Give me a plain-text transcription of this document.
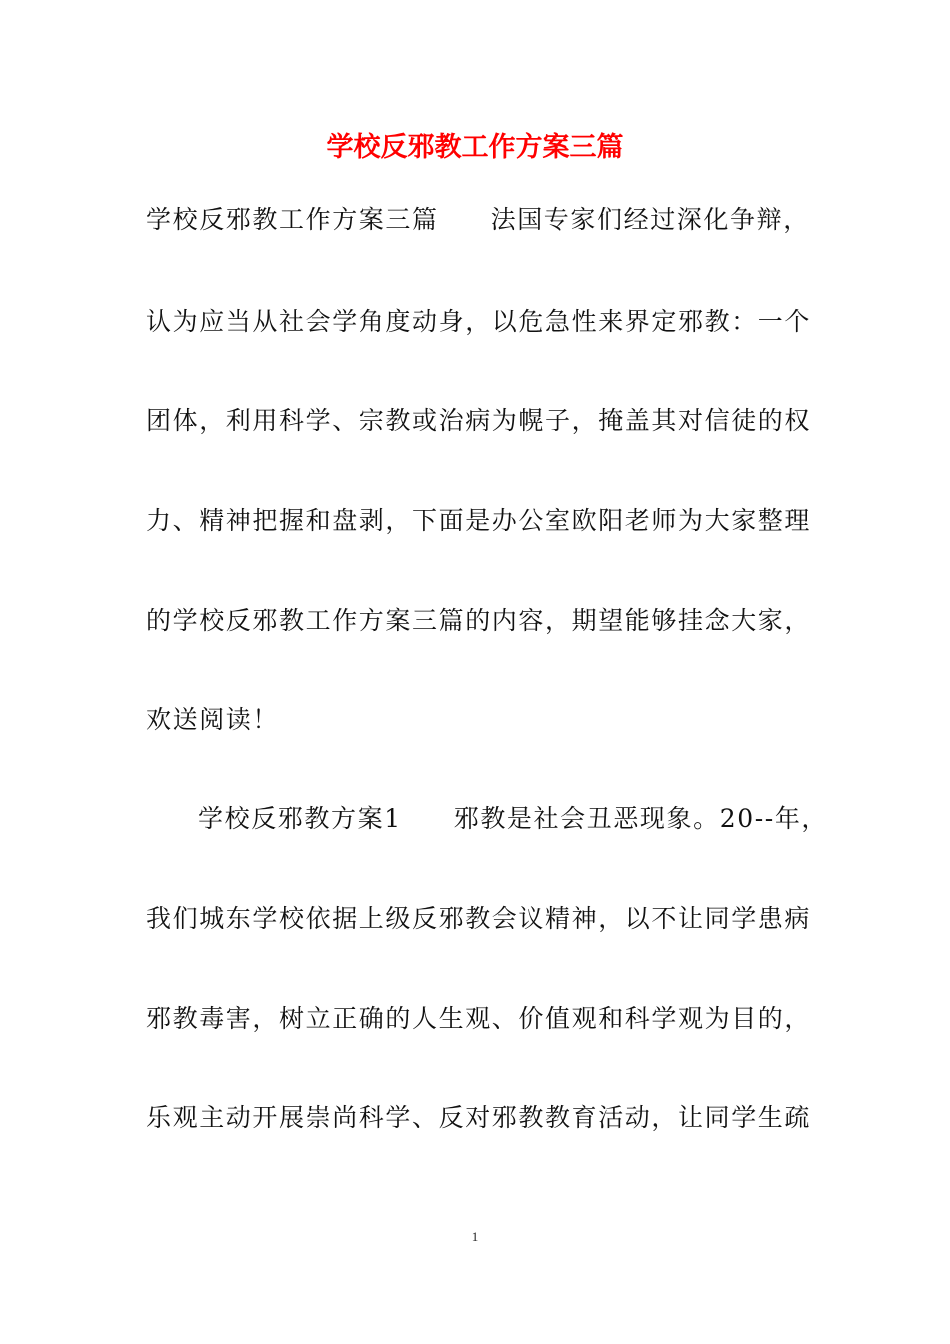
学校反邪教工作方案三篇

学校反邪教工作方案三篇 法国专家们经过深化争辩，

认为应当从社会学角度动身，以危急性来界定邪教：一个

团体，利用科学、宗教或治病为幌子，掩盖其对信徒的权

力、精神把握和盘剥，下面是办公室欧阳老师为大家整理

的学校反邪教工作方案三篇的内容，期望能够挂念大家，

欢送阅读！

学校反邪教方案1 邪教是社会丑恶现象。20--年，

我们城东学校依据上级反邪教会议精神，以不让同学患病

邪教毒害，树立正确的人生观、价值观和科学观为目的，

乐观主动开展崇尚科学、反对邪教教育活动，让同学生疏

1
